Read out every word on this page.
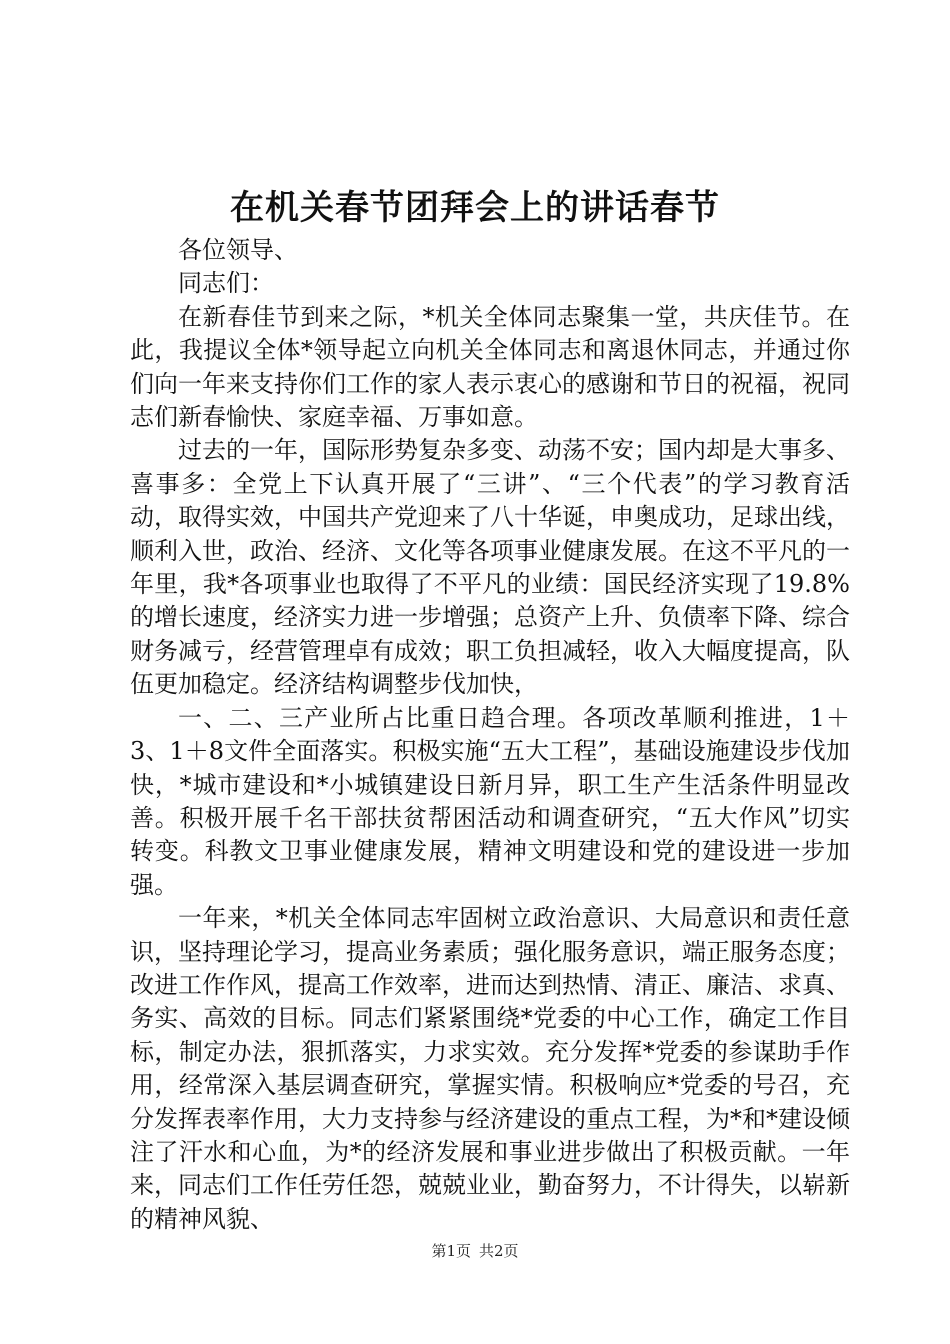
在机关春节团拜会上的讲话春节

各位领导、

同志们：

在新春佳节到来之际，*机关全体同志聚集一堂，共庆佳节。在此，我提议全体*领导起立向机关全体同志和离退休同志，并通过你们向一年来支持你们工作的家人表示衷心的感谢和节日的祝福，祝同志们新春愉快、家庭幸福、万事如意。

过去的一年，国际形势复杂多变、动荡不安；国内却是大事多、喜事多：全党上下认真开展了“三讲”、“三个代表”的学习教育活动，取得实效，中国共产党迎来了八十华诞，申奥成功，足球出线，顺利入世，政治、经济、文化等各项事业健康发展。在这不平凡的一年里，我*各项事业也取得了不平凡的业绩：国民经济实现了19.8%的增长速度，经济实力进一步增强；总资产上升、负债率下降、综合财务减亏，经营管理卓有成效；职工负担减轻，收入大幅度提高，队伍更加稳定。经济结构调整步伐加快，

一、二、三产业所占比重日趋合理。各项改革顺利推进，1＋3、1＋8文件全面落实。积极实施“五大工程”，基础设施建设步伐加快，*城市建设和*小城镇建设日新月异，职工生产生活条件明显改善。积极开展千名干部扶贫帮困活动和调查研究，“五大作风”切实转变。科教文卫事业健康发展，精神文明建设和党的建设进一步加强。

一年来，*机关全体同志牢固树立政治意识、大局意识和责任意识，坚持理论学习，提高业务素质；强化服务意识，端正服务态度；改进工作作风，提高工作效率，进而达到热情、清正、廉洁、求真、务实、高效的目标。同志们紧紧围绕*党委的中心工作，确定工作目标，制定办法，狠抓落实，力求实效。充分发挥*党委的参谋助手作用，经常深入基层调查研究，掌握实情。积极响应*党委的号召，充分发挥表率作用，大力支持参与经济建设的重点工程，为*和*建设倾注了汗水和心血，为*的经济发展和事业进步做出了积极贡献。一年来，同志们工作任劳任怨，兢兢业业，勤奋努力，不计得失，以崭新的精神风貌、

第1页 共2页
